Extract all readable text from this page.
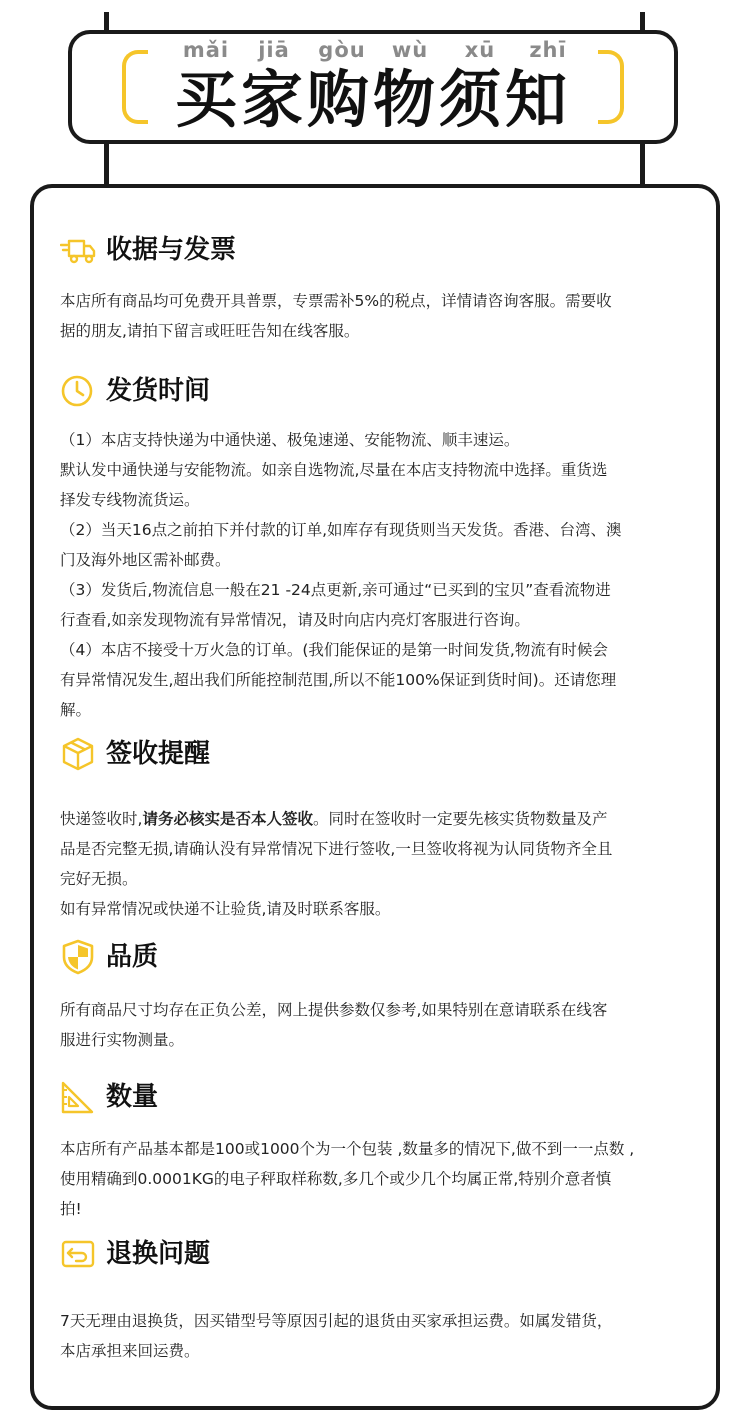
mǎi	jiā	gòu	wù	xū	zhī
买家购物须知
收据与发票

本店所有商品均可免费开具普票，专票需补5%的税点，详情请咨询客服。需要收

据的朋友,请拍下留言或旺旺告知在线客服。

发货时间

（1）本店支持快递为中通快递、极兔速递、安能物流、顺丰速运。

默认发中通快递与安能物流。如亲自选物流,尽量在本店支持物流中选择。重货选

择发专线物流货运。

（2）当天16点之前拍下并付款的订单,如库存有现货则当天发货。香港、台湾、澳

门及海外地区需补邮费。

（3）发货后,物流信息一般在21 -24点更新,亲可通过“已买到的宝贝”查看流物进

行查看,如亲发现物流有异常情况，请及时向店内亮灯客服进行咨询。

（4）本店不接受十万火急的订单。(我们能保证的是第一时间发货,物流有时候会

有异常情况发生,超出我们所能控制范围,所以不能100%保证到货时间)。还请您理

解。

签收提醒

快递签收时,请务必核实是否本人签收。同时在签收时一定要先核实货物数量及产

品是否完整无损,请确认没有异常情况下进行签收,一旦签收将视为认同货物齐全且

完好无损。

如有异常情况或快递不让验货,请及时联系客服。

品质

所有商品尺寸均存在正负公差，网上提供参数仅参考,如果特别在意请联系在线客

服进行实物测量。

数量

本店所有产品基本都是100或1000个为一个包装 ,数量多的情况下,做不到一一点数 ,

使用精确到0.0001KG的电子秤取样称数,多几个或少几个均属正常,特别介意者慎

拍!

退换问题

7天无理由退换货，因买错型号等原因引起的退货由买家承担运费。如属发错货，

本店承担来回运费。
